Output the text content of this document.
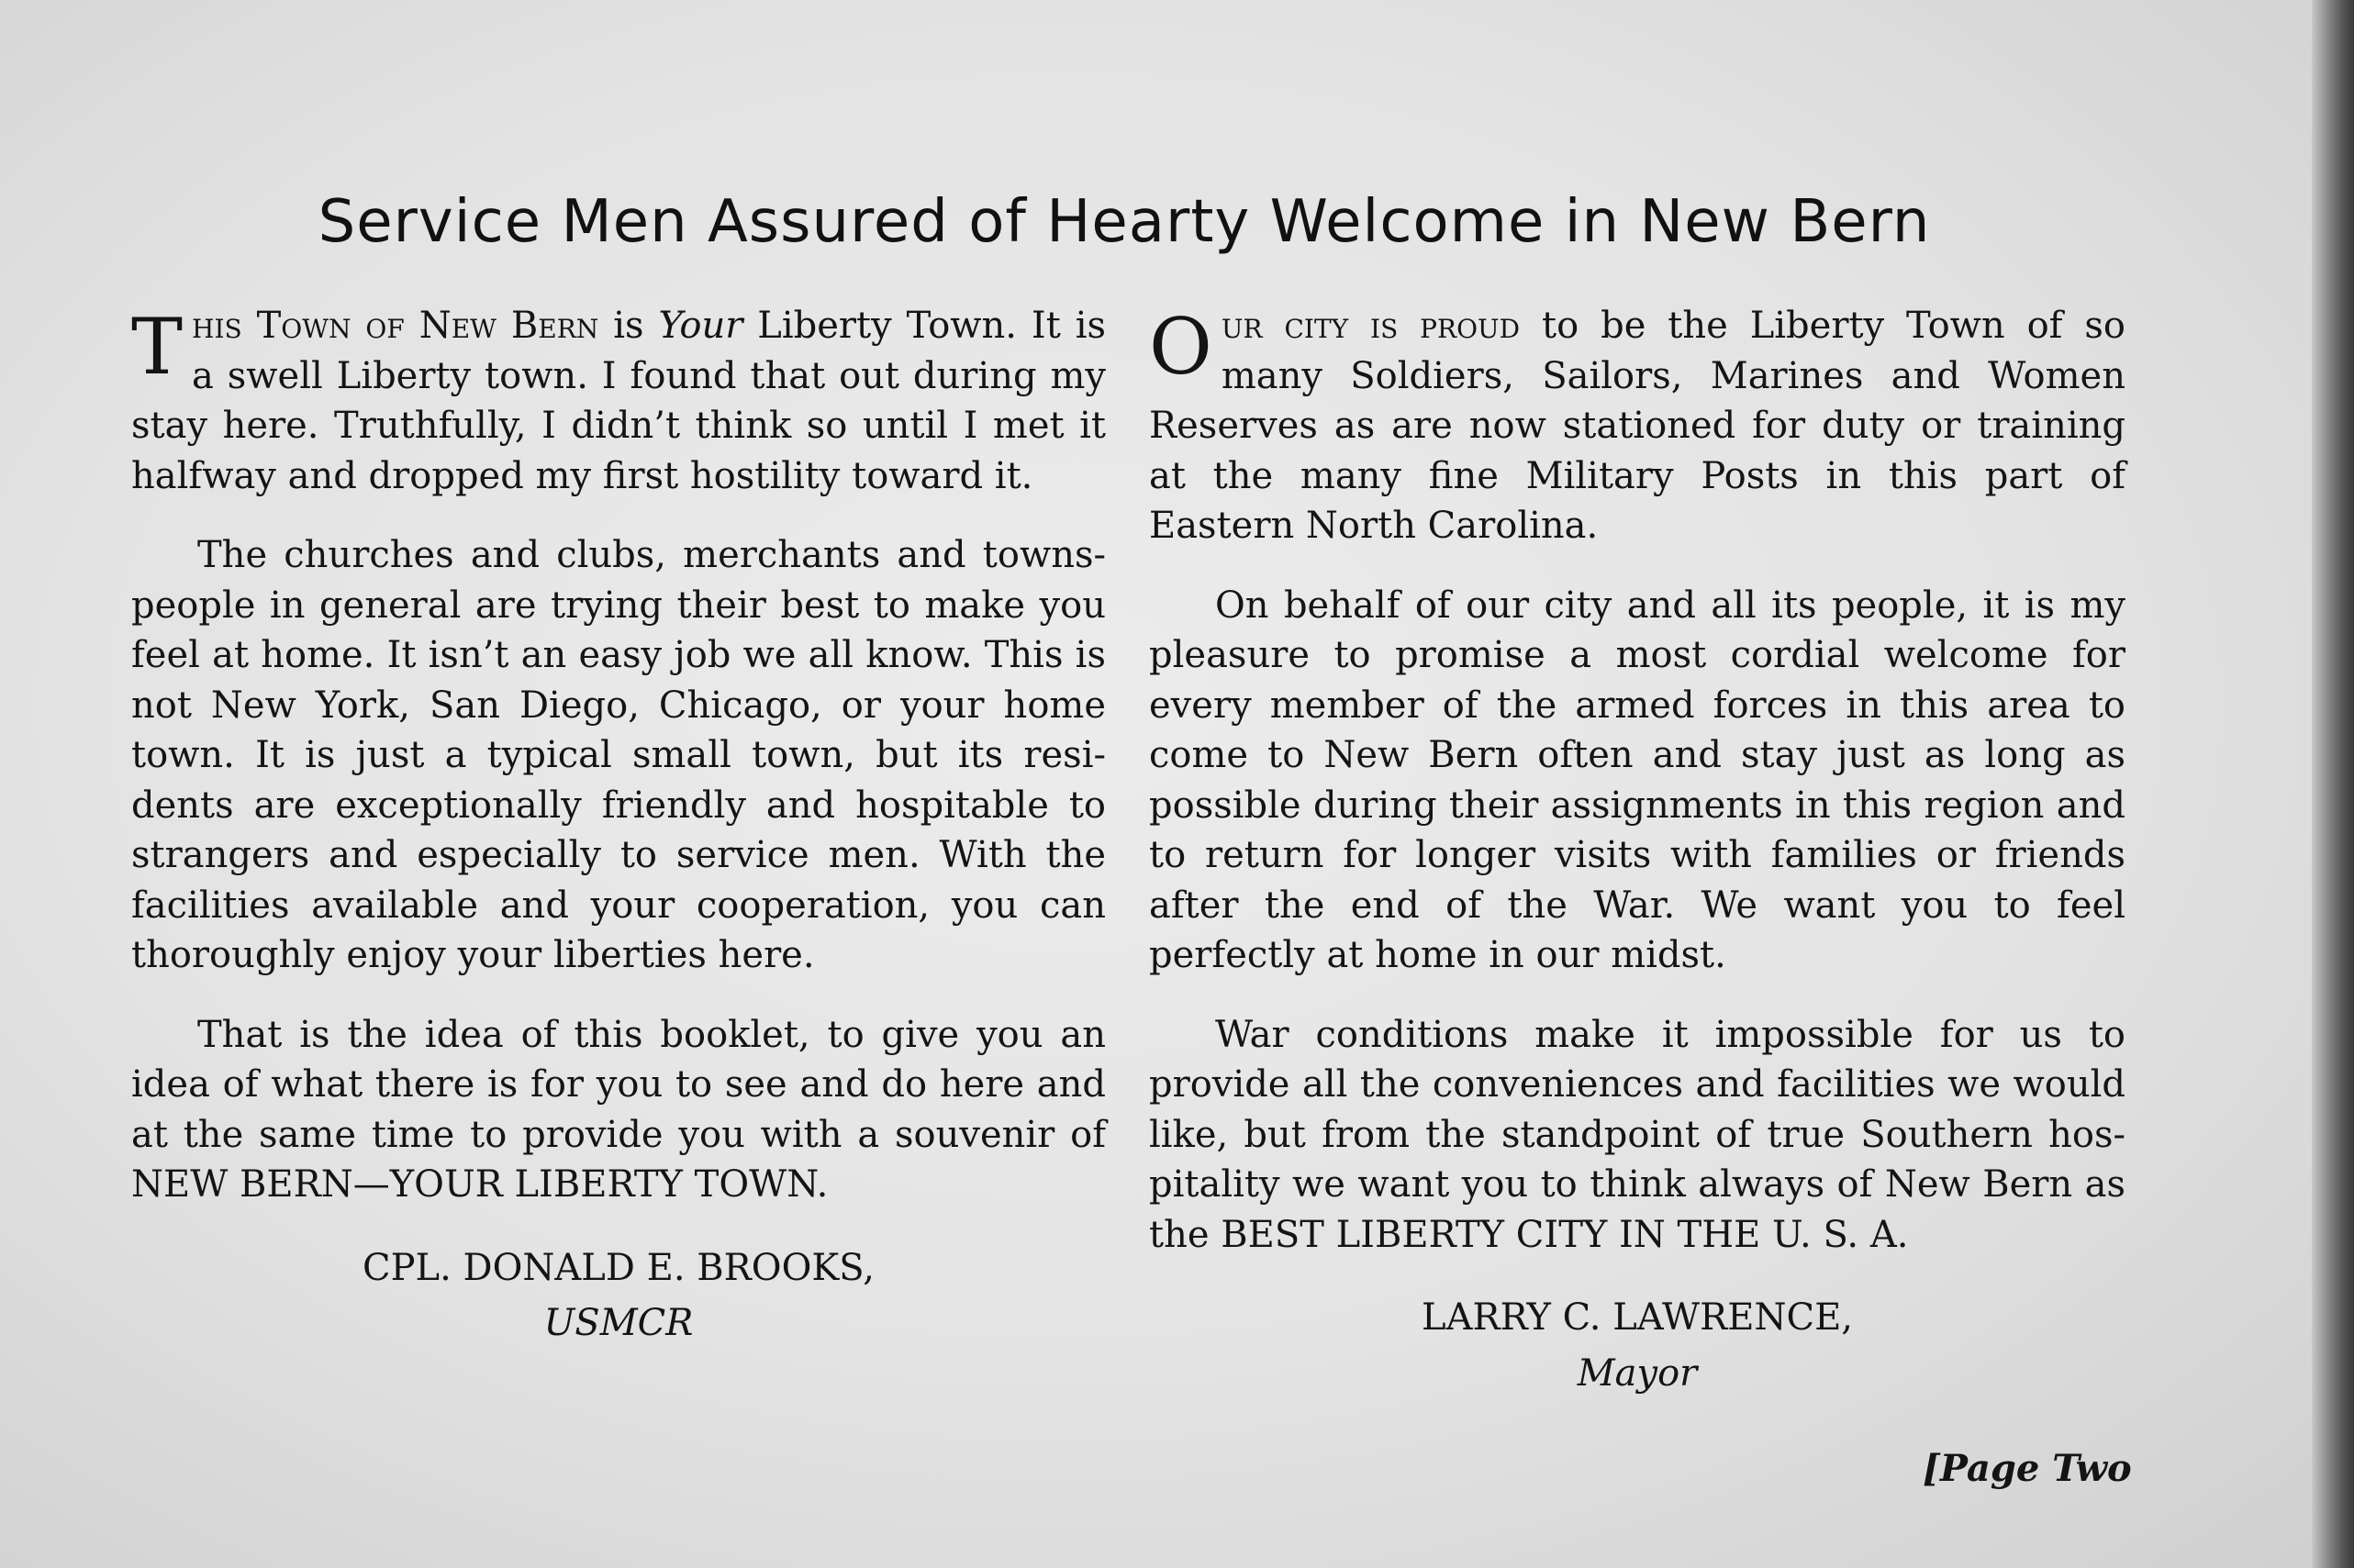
Service Men Assured of Hearty Welcome in New Bern

This Town of New Bern is Your Liberty Town. It is a swell Liberty town. I found that out during my stay here. Truthfully, I didn’t think so until I met it halfway and dropped my first hostility toward it.

The churches and clubs, merchants and townspeople in general are trying their best to make you feel at home. It isn’t an easy job we all know. This is not New York, San Diego, Chicago, or your home town. It is just a typical small town, but its residents are exceptionally friendly and hospitable to strangers and especially to service men. With the facilities available and your cooperation, you can thoroughly enjoy your liberties here.

That is the idea of this booklet, to give you an idea of what there is for you to see and do here and at the same time to provide you with a souvenir of NEW BERN—YOUR LIBERTY TOWN.

CPL. DONALD E. BROOKS,
USMCR

Our city is proud to be the Liberty Town of so many Soldiers, Sailors, Marines and Women Reserves as are now stationed for duty or training at the many fine Military Posts in this part of Eastern North Carolina.

On behalf of our city and all its people, it is my pleasure to promise a most cordial welcome for every member of the armed forces in this area to come to New Bern often and stay just as long as possible during their assignments in this region and to return for longer visits with families or friends after the end of the War. We want you to feel perfectly at home in our midst.

War conditions make it impossible for us to provide all the conveniences and facilities we would like, but from the standpoint of true Southern hospitality we want you to think always of New Bern as the BEST LIBERTY CITY IN THE U. S. A.

LARRY C. LAWRENCE,
Mayor

[Page Two
